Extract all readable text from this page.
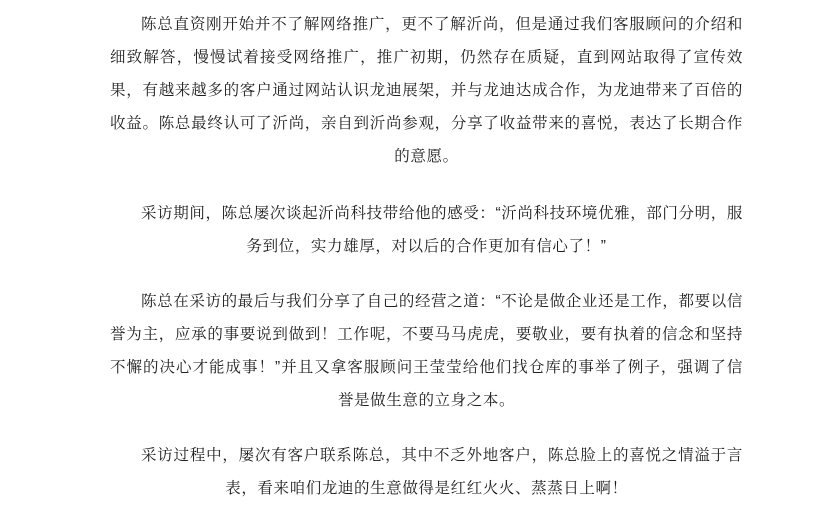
陈总直资刚开始并不了解网络推广，更不了解沂尚，但是通过我们客服顾问的介绍和细致解答，慢慢试着接受网络推广，推广初期，仍然存在质疑，直到网站取得了宣传效果，有越来越多的客户通过网站认识龙迪展架，并与龙迪达成合作，为龙迪带来了百倍的收益。陈总最终认可了沂尚，亲自到沂尚参观，分享了收益带来的喜悦，表达了长期合作的意愿。

采访期间，陈总屡次谈起沂尚科技带给他的感受：“沂尚科技环境优雅，部门分明，服务到位，实力雄厚，对以后的合作更加有信心了！”

陈总在采访的最后与我们分享了自己的经营之道：“不论是做企业还是工作，都要以信誉为主，应承的事要说到做到！工作呢，不要马马虎虎，要敬业，要有执着的信念和坚持不懈的决心才能成事！”并且又拿客服顾问王莹莹给他们找仓库的事举了例子，强调了信誉是做生意的立身之本。

采访过程中，屡次有客户联系陈总，其中不乏外地客户，陈总脸上的喜悦之情溢于言表，看来咱们龙迪的生意做得是红红火火、蒸蒸日上啊！
